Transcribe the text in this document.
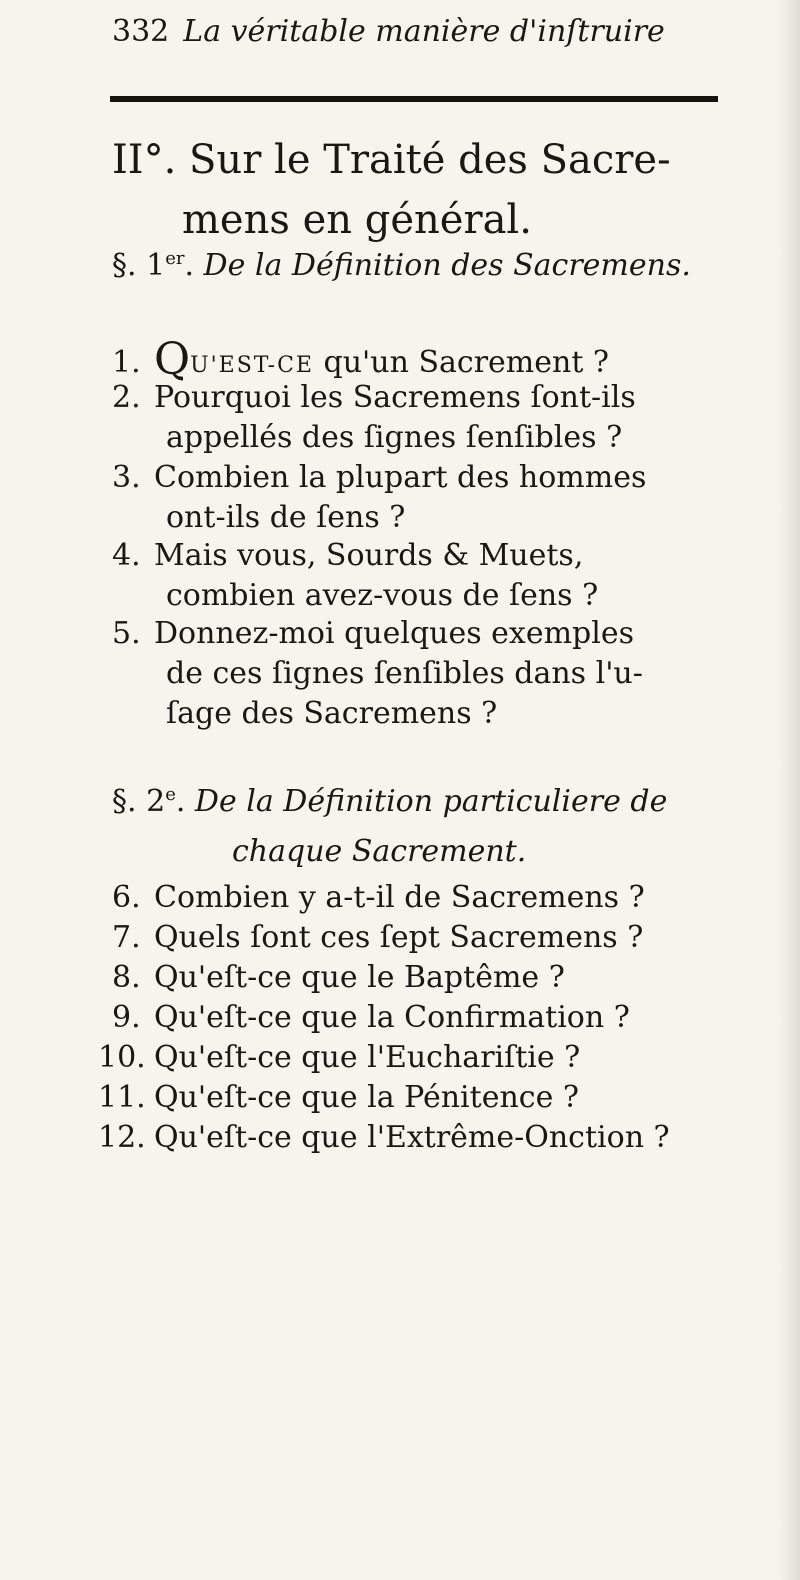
332 La véritable manière d'inſtruire
II°. Sur le Traité des Sacre-
mens en général.
§. 1er. De la Définition des Sacremens.
1. QU'EST-CE qu'un Sacrement ?
2. Pourquoi les Sacremens ſont-ils
appellés des ſignes ſenſibles ?
3. Combien la plupart des hommes
ont-ils de ſens ?
4. Mais vous, Sourds & Muets,
combien avez-vous de ſens ?
5. Donnez-moi quelques exemples
de ces ſignes ſenſibles dans l'u-
ſage des Sacremens ?
§. 2e. De la Définition particuliere de
chaque Sacrement.
6. Combien y a-t-il de Sacremens ?
7. Quels ſont ces ſept Sacremens ?
8. Qu'eſt-ce que le Baptême ?
9. Qu'eſt-ce que la Confirmation ?
10. Qu'eſt-ce que l'Euchariſtie ?
11. Qu'eſt-ce que la Pénitence ?
12. Qu'eſt-ce que l'Extrême-Onction ?
